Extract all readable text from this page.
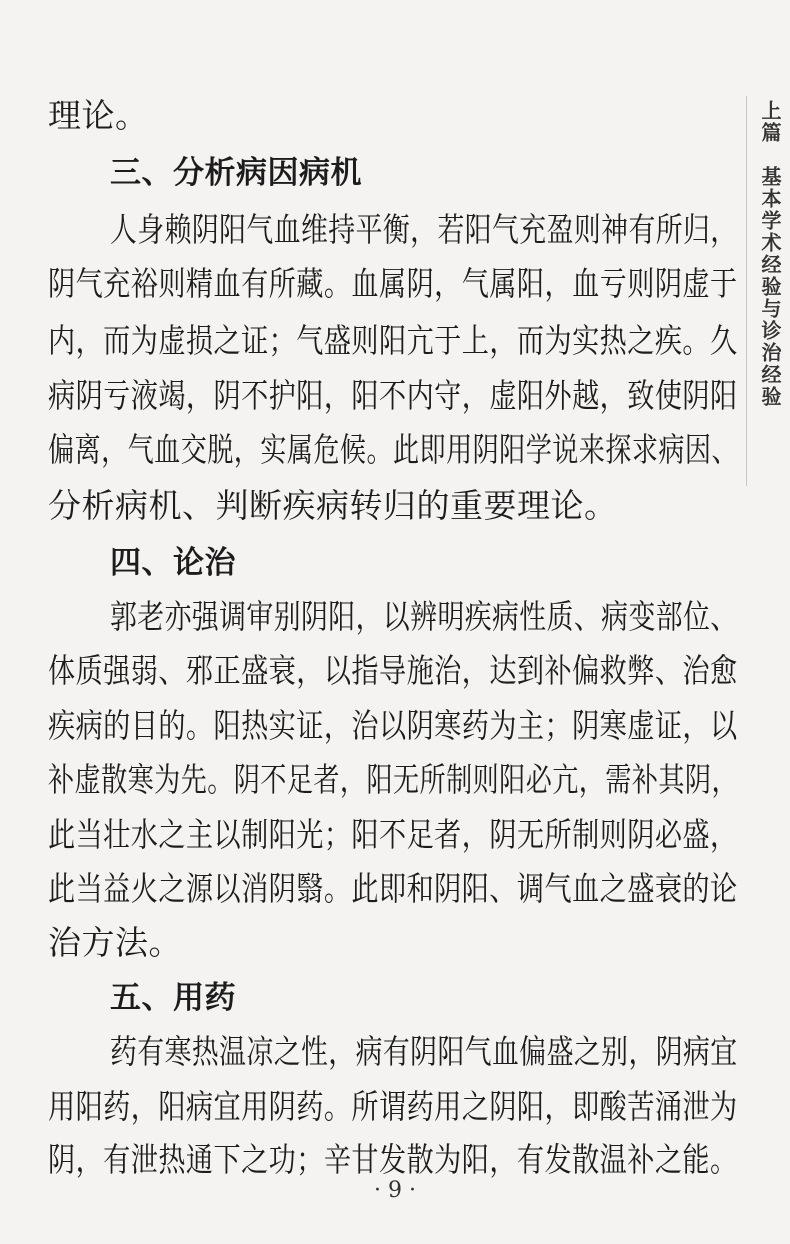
上篇　基本学术经验与诊治经验
理论。
三、分析病因病机
人身赖阴阳气血维持平衡，若阳气充盈则神有所归，
阴气充裕则精血有所藏。血属阴，气属阳，血亏则阴虚于
内，而为虚损之证；气盛则阳亢于上，而为实热之疾。久
病阴亏液竭，阴不护阳，阳不内守，虚阳外越，致使阴阳
偏离，气血交脱，实属危候。此即用阴阳学说来探求病因、
分析病机、判断疾病转归的重要理论。
四、论治
郭老亦强调审别阴阳，以辨明疾病性质、病变部位、
体质强弱、邪正盛衰，以指导施治，达到补偏救弊、治愈
疾病的目的。阳热实证，治以阴寒药为主；阴寒虚证，以
补虚散寒为先。阴不足者，阳无所制则阳必亢，需补其阴，
此当壮水之主以制阳光；阳不足者，阴无所制则阴必盛，
此当益火之源以消阴翳。此即和阴阳、调气血之盛衰的论
治方法。
五、用药
药有寒热温凉之性，病有阴阳气血偏盛之别，阴病宜
用阳药，阳病宜用阴药。所谓药用之阴阳，即酸苦涌泄为
阴，有泄热通下之功；辛甘发散为阳，有发散温补之能。
· 9 ·
